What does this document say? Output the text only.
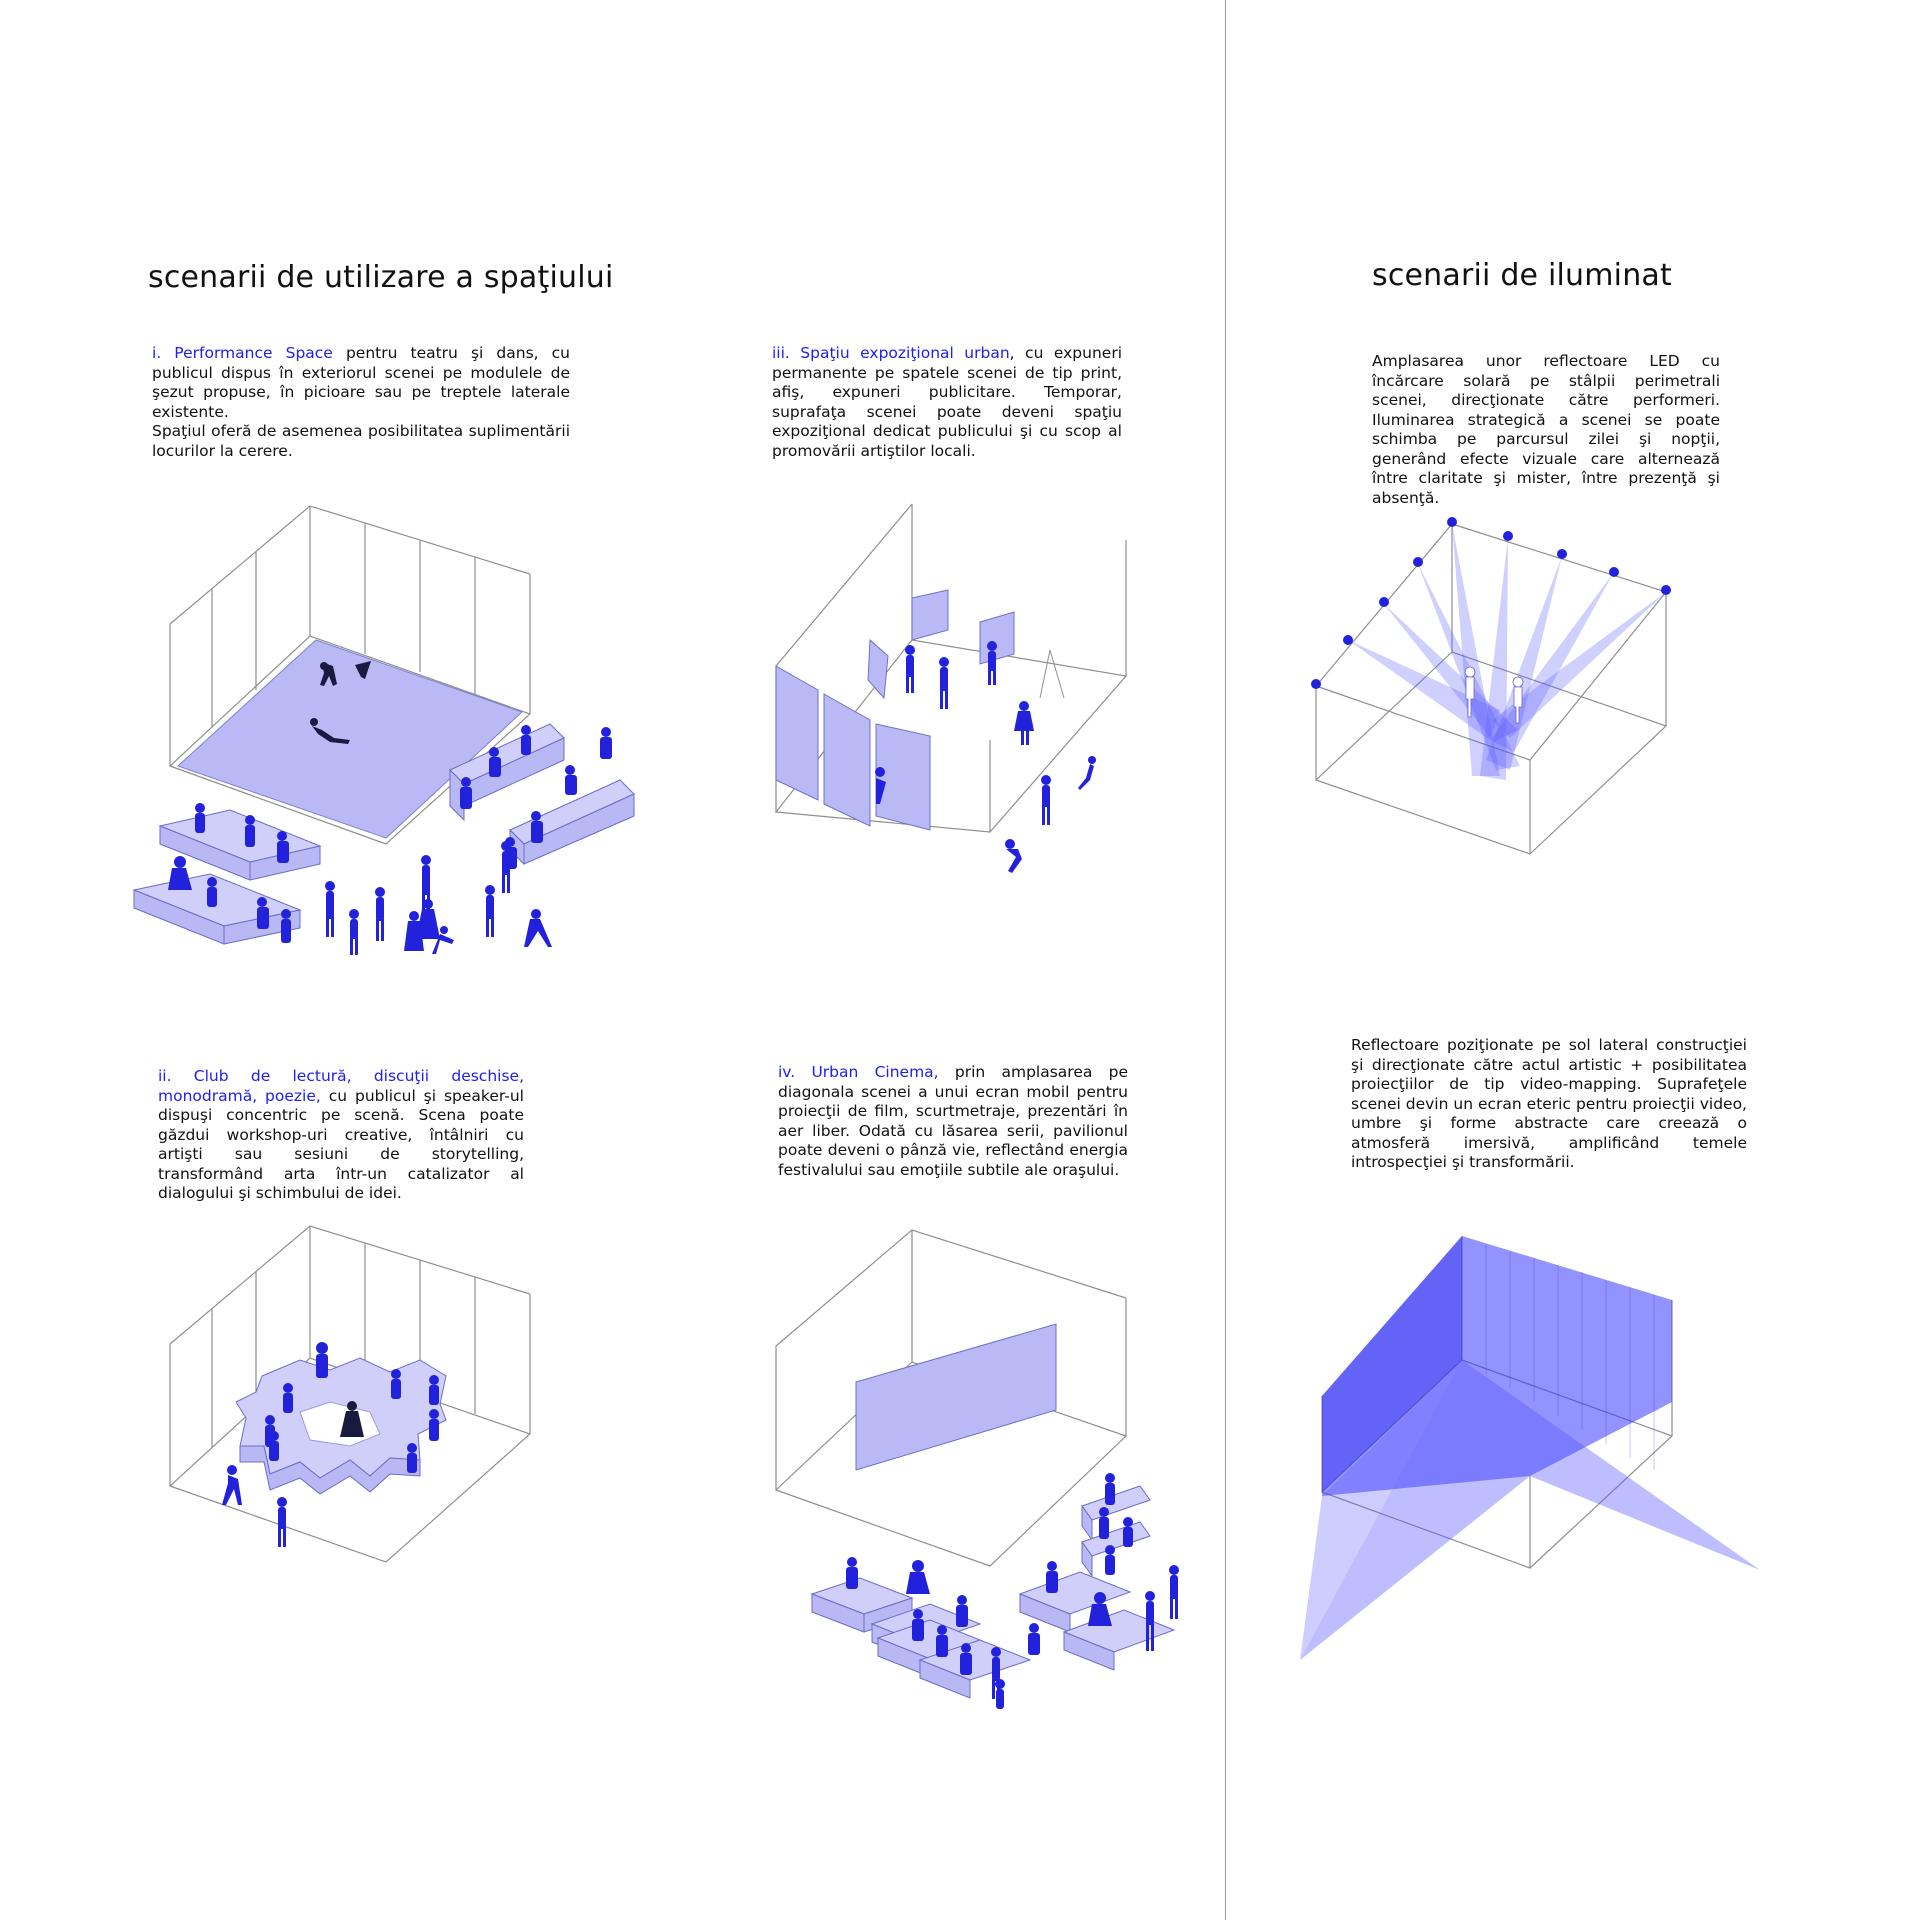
scenarii de utilizare a spaţiului	scenarii de iluminat
i. Performance Space pentru teatru şi dans, cu publicul dispus în exteriorul scenei pe modulele de şezut propuse, în picioare sau pe treptele laterale existente.
Spaţiul oferă de asemenea posibilitatea suplimentării locurilor la cerere.
iii. Spaţiu expoziţional urban, cu expuneri permanente pe spatele scenei de tip print, afiş, expuneri publicitare. Temporar, suprafaţa scenei poate deveni spaţiu expoziţional dedicat publicului şi cu scop al promovării artiştilor locali.
ii. Club de lectură, discuţii deschise, monodramă, poezie, cu publicul şi speaker-ul dispuşi concentric pe scenă. Scena poate găzdui workshop-uri creative, întâlniri cu artişti sau sesiuni de storytelling, transformând arta într-un catalizator al dialogului şi schimbului de idei.
iv. Urban Cinema, prin amplasarea pe diagonala scenei a unui ecran mobil pentru proiecţii de film, scurtmetraje, prezentări în aer liber. Odată cu lăsarea serii, pavilionul poate deveni o pânză vie, reflectând energia festivalului sau emoţiile subtile ale oraşului.
Amplasarea unor reflectoare LED cu încărcare solară pe stâlpii perimetrali scenei, direcţionate către performeri. Iluminarea strategică a scenei se poate schimba pe parcursul zilei şi nopţii, generând efecte vizuale care alternează între claritate şi mister, între prezenţă şi absenţă.
Reflectoare poziţionate pe sol lateral construcţiei şi direcţionate către actul artistic + posibilitatea proiecţiilor de tip video-mapping. Suprafeţele scenei devin un ecran eteric pentru proiecţii video, umbre şi forme abstracte care creează o atmosferă imersivă, amplificând temele introspecţiei şi transformării.
